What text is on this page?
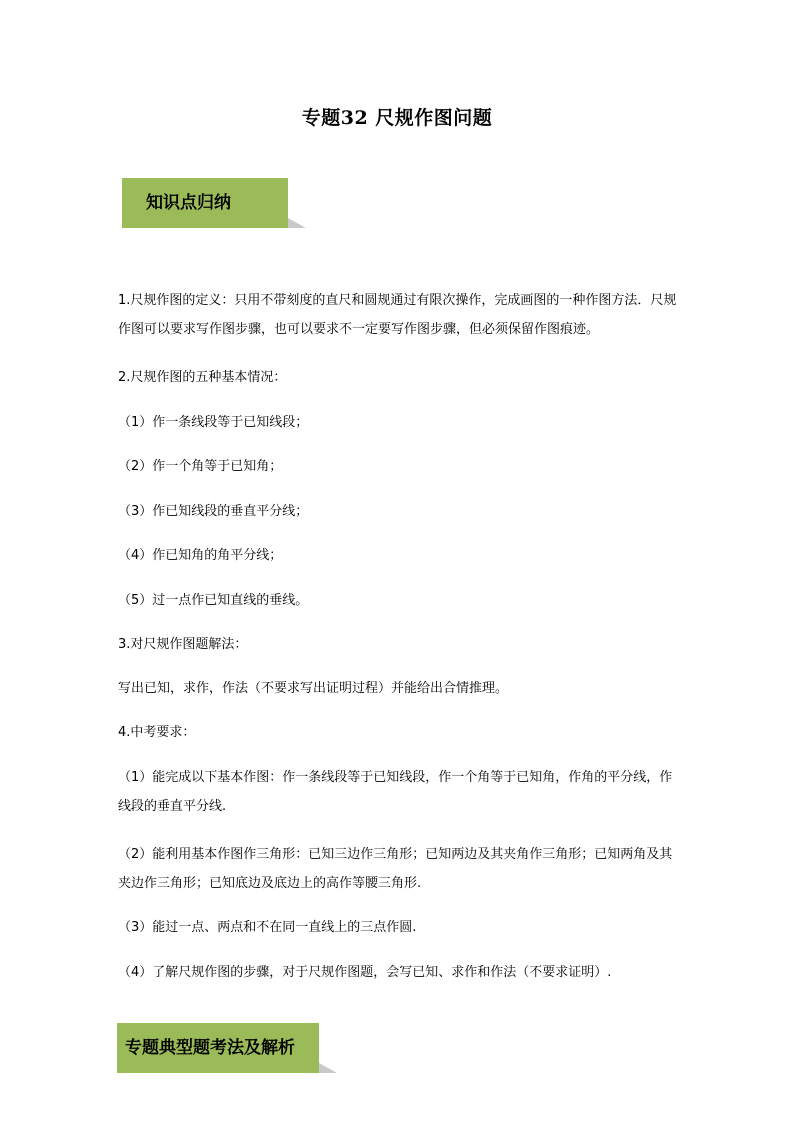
专题32 尺规作图问题
知识点归纳

1.尺规作图的定义：只用不带刻度的直尺和圆规通过有限次操作，完成画图的一种作图方法．尺规作图可以要求写作图步骤，也可以要求不一定要写作图步骤，但必须保留作图痕迹。

2.尺规作图的五种基本情况：

（1）作一条线段等于已知线段；

（2）作一个角等于已知角；

（3）作已知线段的垂直平分线；

（4）作已知角的角平分线；

（5）过一点作已知直线的垂线。

3.对尺规作图题解法：

写出已知，求作，作法（不要求写出证明过程）并能给出合情推理。

4.中考要求：

（1）能完成以下基本作图：作一条线段等于已知线段，作一个角等于已知角，作角的平分线，作线段的垂直平分线.

（2）能利用基本作图作三角形：已知三边作三角形；已知两边及其夹角作三角形；已知两角及其夹边作三角形；已知底边及底边上的高作等腰三角形.

（3）能过一点、两点和不在同一直线上的三点作圆.

（4）了解尺规作图的步骤，对于尺规作图题，会写已知、求作和作法（不要求证明）.

专题典型题考法及解析
